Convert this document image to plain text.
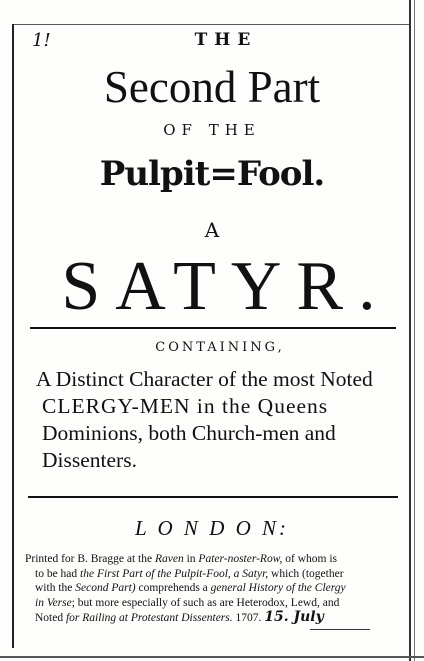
1!	THE
Second Part
OF THE
Pulpit=Fool.
A
SATYR.
CONTAINING,
A Distinct Character of the most Noted
CLERGY-MEN in the Queens
Dominions, both Church-men and
Dissenters.
L O N D O N:
Printed for B. Bragge at the Raven in Pater-noster-Row, of whom is
to be had the First Part of the Pulpit-Fool, a Satyr, which (together
with the Second Part) comprehends a general History of the Clergy
in Verse; but more especially of such as are Heterodox, Lewd, and
Noted for Railing at Protestant Dissenters. 1707. 15. July
